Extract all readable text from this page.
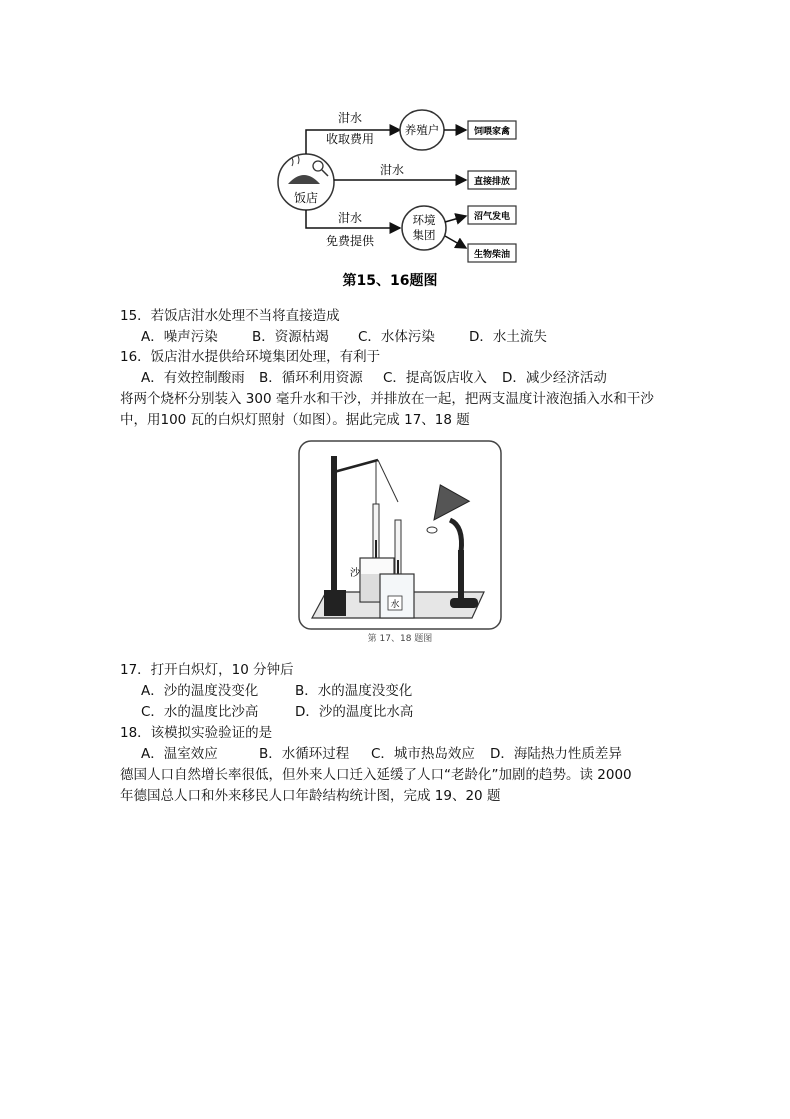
饭店
泔水
收取费用
养殖户	饲喂家禽
泔水
直接排放
泔水
免费提供
环境
集团
沼气发电
生物柴油
第15、16题图
15．若饭店泔水处理不当将直接造成
A．噪声污染	B．资源枯竭 C．水体污染	D．水土流失
16．饭店泔水提供给环境集团处理，有利于
A．有效控制酸雨 B．循环利用资源 C．提高饭店收入 D．减少经济活动
将两个烧杯分别装入 300 毫升水和干沙，并排放在一起，把两支温度计液泡插入水和干沙
中，用100 瓦的白炽灯照射（如图）。据此完成 17、18 题
沙
水
第 17、18 题图
17．打开白炽灯，10 分钟后
A．沙的温度没变化	B．水的温度没变化
C．水的温度比沙高	D．沙的温度比水高
18．该模拟实验验证的是
A．温室效应	B．水循环过程 C．城市热岛效应 D．海陆热力性质差异
德国人口自然增长率很低，但外来人口迁入延缓了人口“老龄化”加剧的趋势。读 2000
年德国总人口和外来移民人口年龄结构统计图，完成 19、20 题
